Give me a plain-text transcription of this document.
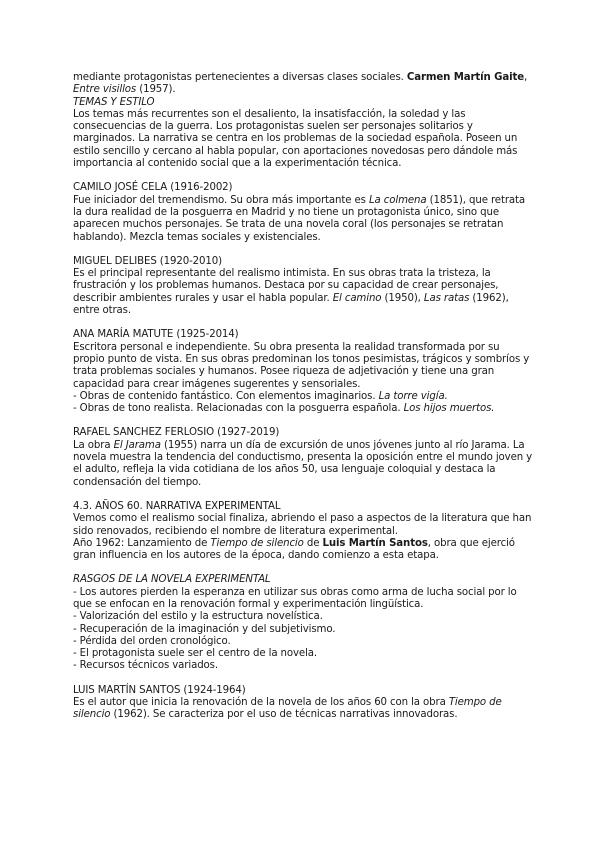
mediante protagonistas pertenecientes a diversas clases sociales. Carmen Martín Gaite, Entre visillos (1957).

TEMAS Y ESTILO

Los temas más recurrentes son el desaliento, la insatisfacción, la soledad y las consecuencias de la guerra. Los protagonistas suelen ser personajes solitarios y marginados. La narrativa se centra en los problemas de la sociedad española. Poseen un estilo sencillo y cercano al habla popular, con aportaciones novedosas pero dándole más importancia al contenido social que a la experimentación técnica.

CAMILO JOSÉ CELA (1916-2002)

Fue iniciador del tremendismo. Su obra más importante es La colmena (1851), que retrata la dura realidad de la posguerra en Madrid y no tiene un protagonista único, sino que aparecen muchos personajes. Se trata de una novela coral (los personajes se retratan hablando). Mezcla temas sociales y existenciales.

MIGUEL DELIBES (1920-2010)

Es el principal representante del realismo intimista. En sus obras trata la tristeza, la frustración y los problemas humanos. Destaca por su capacidad de crear personajes, describir ambientes rurales y usar el habla popular. El camino (1950), Las ratas (1962), entre otras.

ANA MARÍA MATUTE (1925-2014)

Escritora personal e independiente. Su obra presenta la realidad transformada por su propio punto de vista. En sus obras predominan los tonos pesimistas, trágicos y sombríos y trata problemas sociales y humanos. Posee riqueza de adjetivación y tiene una gran capacidad para crear imágenes sugerentes y sensoriales.

- Obras de contenido fantástico. Con elementos imaginarios. La torre vigía.

- Obras de tono realista. Relacionadas con la posguerra española. Los hijos muertos.

RAFAEL SANCHEZ FERLOSIO (1927-2019)

La obra El Jarama (1955) narra un día de excursión de unos jóvenes junto al río Jarama. La novela muestra la tendencia del conductismo, presenta la oposición entre el mundo joven y el adulto, refleja la vida cotidiana de los años 50, usa lenguaje coloquial y destaca la condensación del tiempo.

4.3. AÑOS 60. NARRATIVA EXPERIMENTAL

Vemos como el realismo social finaliza, abriendo el paso a aspectos de la literatura que han sido renovados, recibiendo el nombre de literatura experimental.

Año 1962: Lanzamiento de Tiempo de silencio de Luis Martín Santos, obra que ejerció gran influencia en los autores de la época, dando comienzo a esta etapa.

RASGOS DE LA NOVELA EXPERIMENTAL

- Los autores pierden la esperanza en utilizar sus obras como arma de lucha social por lo que se enfocan en la renovación formal y experimentación lingüística.

- Valorización del estilo y la estructura novelística.

- Recuperación de la imaginación y del subjetivismo.

- Pérdida del orden cronológico.

- El protagonista suele ser el centro de la novela.

- Recursos técnicos variados.

LUIS MARTÍN SANTOS (1924-1964)

Es el autor que inicia la renovación de la novela de los años 60 con la obra Tiempo de silencio (1962). Se caracteriza por el uso de técnicas narrativas innovadoras.
